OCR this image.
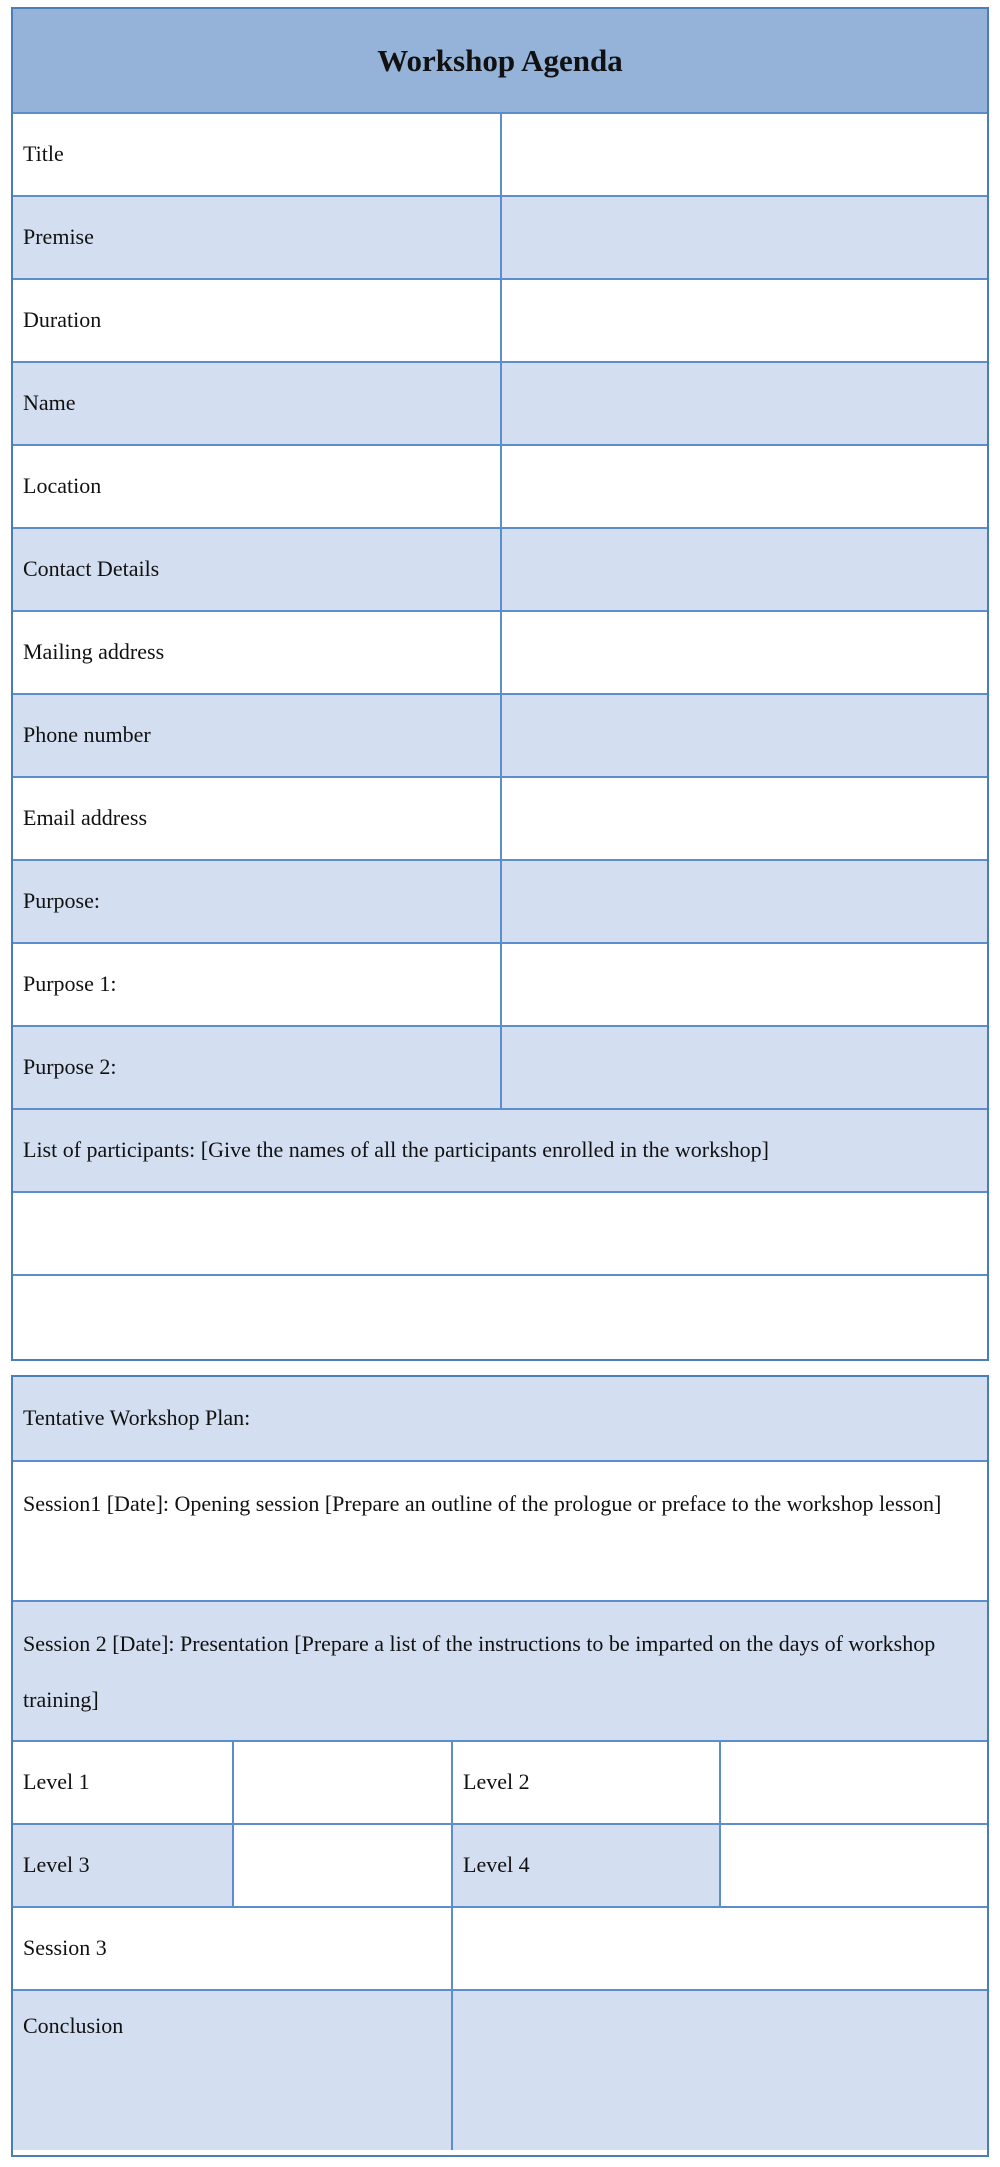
Workshop Agenda
Title
Premise
Duration
Name
Location
Contact Details
Mailing address
Phone number
Email address
Purpose:
Purpose 1:
Purpose 2:
List of participants: [Give the names of all the participants enrolled in the workshop]
Tentative Workshop Plan:
Session1 [Date]: Opening session [Prepare an outline of the prologue or preface to the workshop lesson]
Session 2 [Date]: Presentation [Prepare a list of the instructions to be imparted on the days of workshop training]
Level 1	Level 2
Level 3	Level 4
Session 3
Conclusion
